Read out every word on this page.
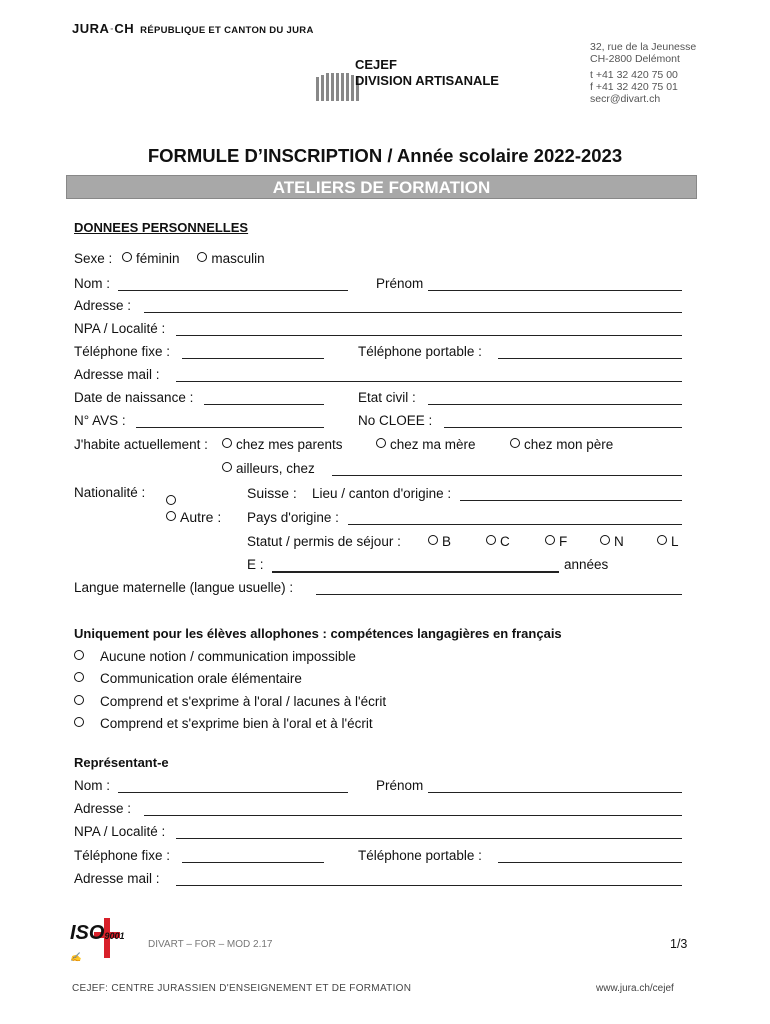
JURA▫CH RÉPUBLIQUE ET CANTON DU JURA
CEJEF
DIVISION ARTISANALE
32, rue de la Jeunesse
CH-2800 Delémont
t +41 32 420 75 00
f +41 32 420 75 01
secr@divart.ch
FORMULE D’INSCRIPTION / Année scolaire 2022-2023
ATELIERS DE FORMATION
DONNEES PERSONNELLES
Sexe : féminin masculin
Nom :	Prénom
Adresse :
NPA / Localité :
Téléphone fixe :	Téléphone portable :
Adresse mail :
Date de naissance :	Etat civil :
N° AVS :	No CLOEE :
J'habite actuellement :	chez mes parents	chez ma mère	chez mon père
ailleurs, chez
Nationalité :	Suisse : Lieu / canton d'origine :
Autre : Pays d'origine :
Statut / permis de séjour :	B	C	F	N	L
E :	années
Langue maternelle (langue usuelle) :
Uniquement pour les élèves allophones : compétences langagières en français
Aucune notion / communication impossible
Communication orale élémentaire
Comprend et s'exprime à l'oral / lacunes à l'écrit
Comprend et s'exprime bien à l'oral et à l'écrit
Représentant-e
Nom :	Prénom
Adresse :
NPA / Localité :
Téléphone fixe :	Téléphone portable :
Adresse mail :
ISO9001
✍
DIVART – FOR – MOD 2.17	1/3
CEJEF: CENTRE JURASSIEN D'ENSEIGNEMENT ET DE FORMATION	www.jura.ch/cejef
